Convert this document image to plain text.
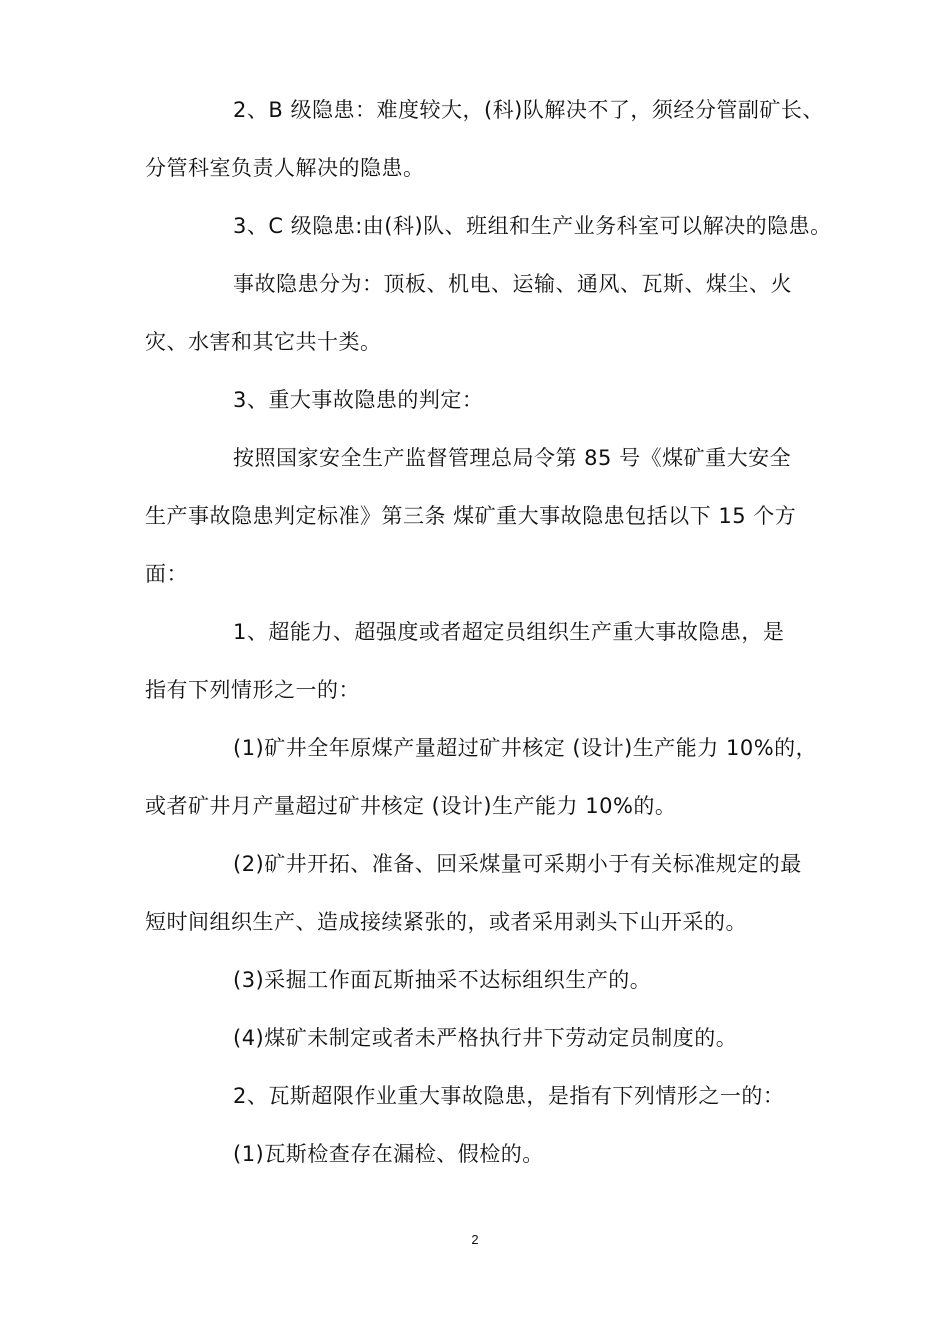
2、B 级隐患：难度较大，(科)队解决不了，须经分管副矿长、
分管科室负责人解决的隐患。
3、C 级隐患:由(科)队、班组和生产业务科室可以解决的隐患。
事故隐患分为：顶板、机电、运输、通风、瓦斯、煤尘、火
灾、水害和其它共十类。
3、重大事故隐患的判定：
按照国家安全生产监督管理总局令第 85 号《煤矿重大安全
生产事故隐患判定标准》第三条 煤矿重大事故隐患包括以下 15 个方
面：
1、超能力、超强度或者超定员组织生产重大事故隐患，是
指有下列情形之一的：
(1)矿井全年原煤产量超过矿井核定 (设计)生产能力 10%的，
或者矿井月产量超过矿井核定 (设计)生产能力 10%的。
(2)矿井开拓、准备、回采煤量可采期小于有关标准规定的最
短时间组织生产、造成接续紧张的，或者采用剥头下山开采的。
(3)采掘工作面瓦斯抽采不达标组织生产的。
(4)煤矿未制定或者未严格执行井下劳动定员制度的。
2、瓦斯超限作业重大事故隐患，是指有下列情形之一的：
(1)瓦斯检查存在漏检、假检的。
2
